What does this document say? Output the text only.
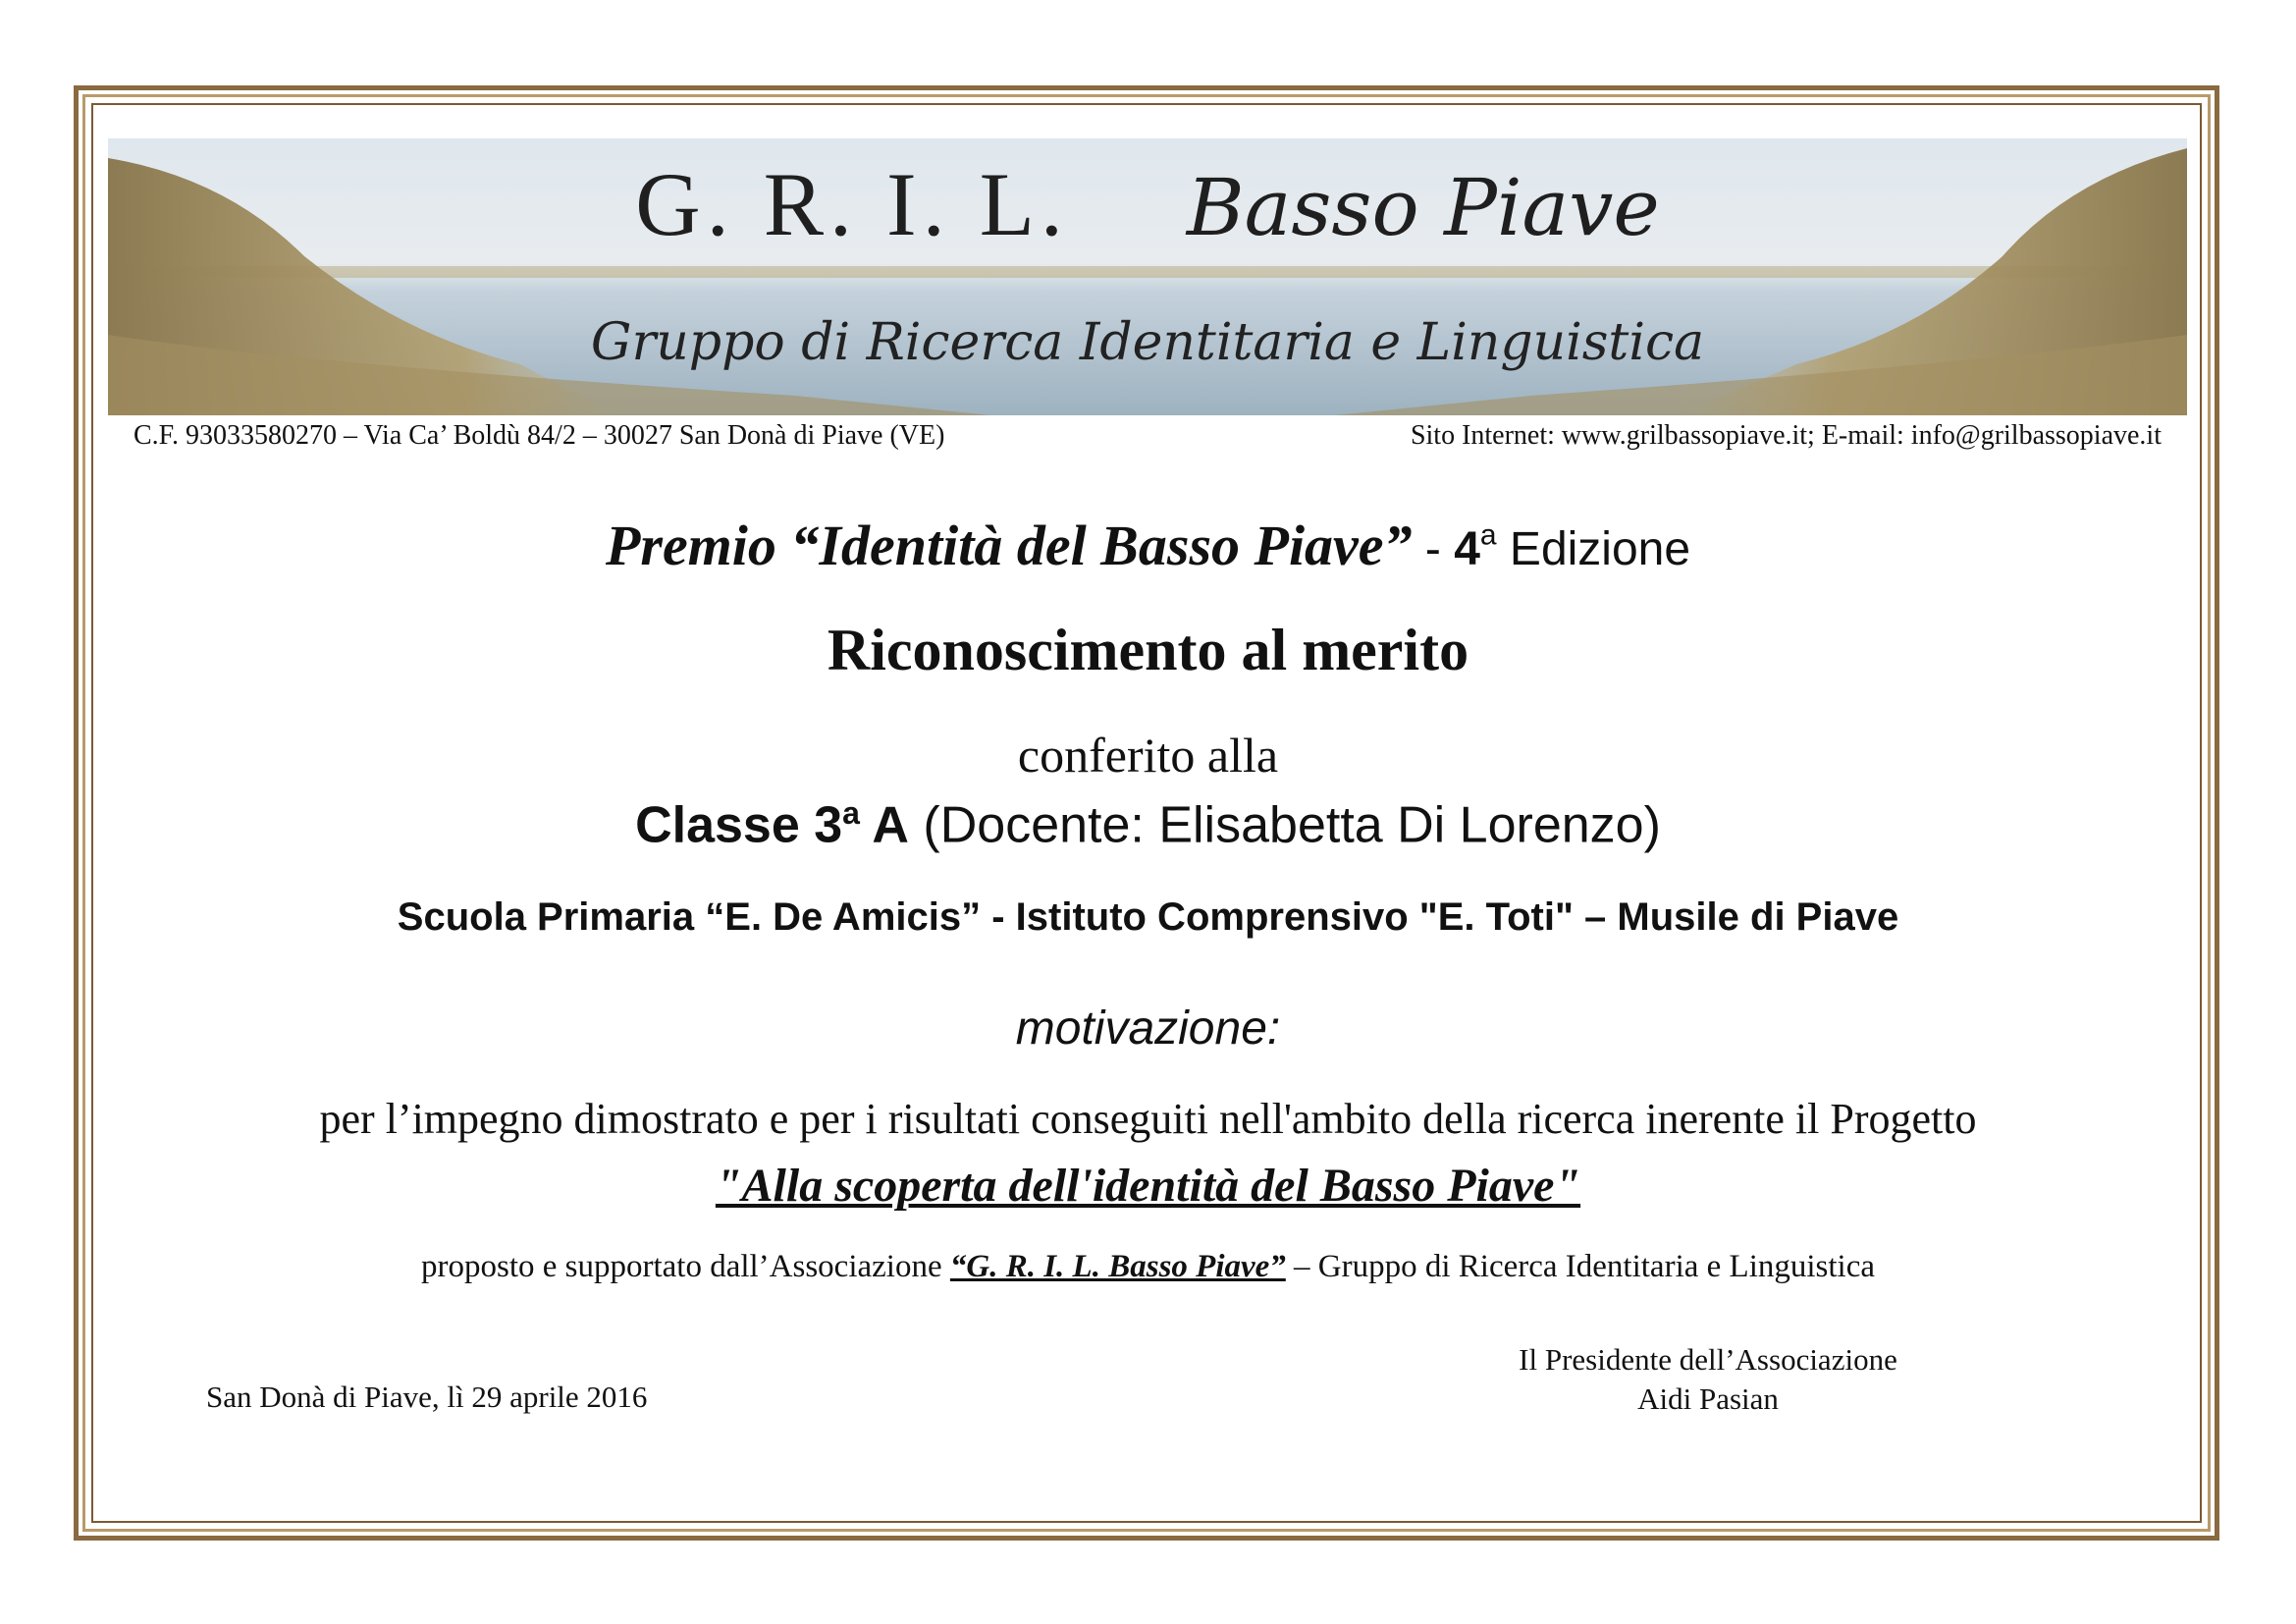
G. R. I. L. Basso Piave
Gruppo di Ricerca Identitaria e Linguistica
C.F. 93033580270 – Via Ca’ Boldù 84/2 – 30027 San Donà di Piave (VE)	Sito Internet: www.grilbassopiave.it; E-mail: info@grilbassopiave.it
Premio “Identità del Basso Piave” - 4$^a$ Edizione
Riconoscimento al merito
conferito alla
Classe 3$^a$ A (Docente: Elisabetta Di Lorenzo)
Scuola Primaria “E. De Amicis” - Istituto Comprensivo "E. Toti" – Musile di Piave
motivazione:
per l’impegno dimostrato e per i risultati conseguiti nell'ambito della ricerca inerente il Progetto
"Alla scoperta dell'identità del Basso Piave"
proposto e supportato dall’Associazione “G. R. I. L. Basso Piave” – Gruppo di Ricerca Identitaria e Linguistica
San Donà di Piave, lì 29 aprile 2016
Il Presidente dell’Associazione
Aidi Pasian
